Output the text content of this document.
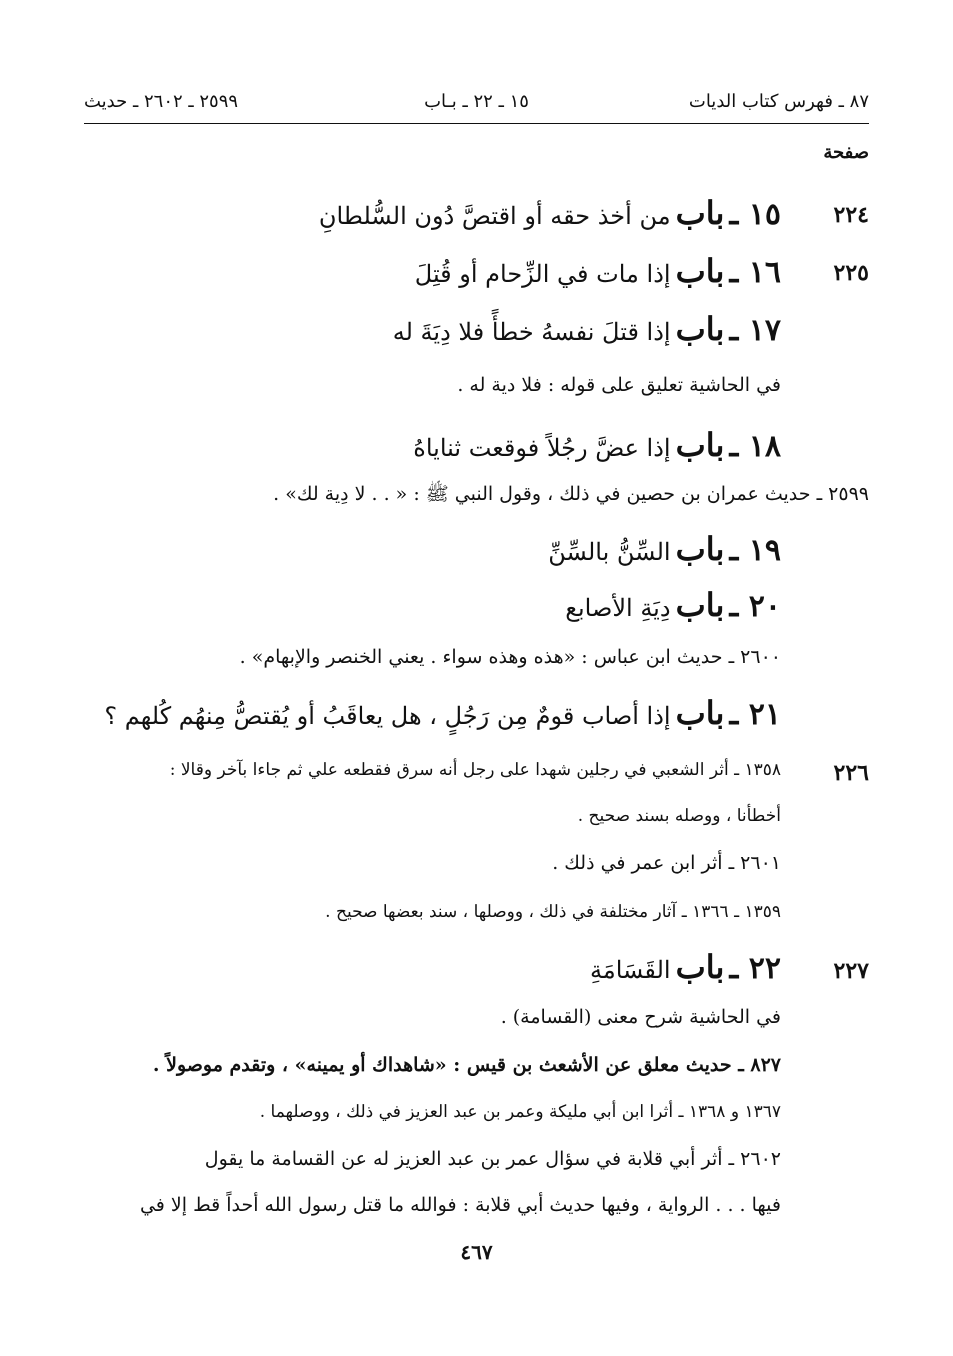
٨٧ ـ فهرس كتاب الديات
١٥ ـ ٢٢ ـ بـاب
٢٥٩٩ ـ ٢٦٠٢ ـ حديث
صفحة
٢٢٤
١٥ ـ باب من أخذ حقه أو اقتصَّ دُون السُّلطانِ
٢٢٥
١٦ ـ باب إذا مات في الزِّحام أو قُتِلَ
١٧ ـ باب إذا قتلَ نفسهُ خطأً فلا دِيَةَ له
في الحاشية تعليق على قوله : فلا دية له .
١٨ ـ باب إذا عضَّ رجُلاً فوقعت ثناياهُ
٢٥٩٩ ـ حديث عمران بن حصين في ذلك ، وقول النبي ﷺ : « . . لا دِية لك» .
١٩ ـ باب السِّنُّ بالسِّنِّ
٢٠ ـ باب دِيَةِ الأصابع
٢٦٠٠ ـ حديث ابن عباس : «هذه وهذه سواء . يعني الخنصر والإبهام» .
٢١ ـ باب إذا أصاب قومٌ مِن رَجُلٍ ، هل يعاقَبُ أو يُقتصُّ مِنهُم كُلهم ؟
٢٢٦
١٣٥٨ ـ أثر الشعبي في رجلين شهدا على رجل أنه سرق فقطعه علي ثم جاءا بآخر وقالا :
أخطأنا ، ووصله بسند صحيح .
٢٦٠١ ـ أثر ابن عمر في ذلك .
١٣٥٩ ـ ١٣٦٦ ـ آثار مختلفة في ذلك ، ووصلها ، سند بعضها صحيح .
٢٢٧
٢٢ ـ باب القَسَامَةِ
في الحاشية شرح معنى (القسامة) .
٨٢٧ ـ حديث معلق عن الأشعث بن قيس : «شاهداك أو يمينه» ، وتقدم موصولاً .
١٣٦٧ و ١٣٦٨ ـ أثرا ابن أبي مليكة وعمر بن عبد العزيز في ذلك ، ووصلهما .
٢٦٠٢ ـ أثر أبي قلابة في سؤال عمر بن عبد العزيز له عن القسامة ما يقول
فيها . . . الرواية ، وفيها حديث أبي قلابة : فوالله ما قتل رسول الله أحداً قط إلا في
٤٦٧
